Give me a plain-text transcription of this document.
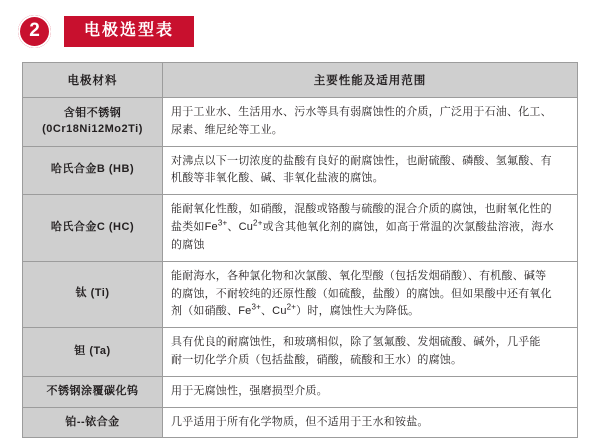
2	电极选型表
电极材料	主要性能及适用范围
含钼不锈钢 (0Cr18Ni12Mo2Ti)	用于工业水、生活用水、污水等具有弱腐蚀性的介质，广泛用于石油、化工、
尿素、维尼纶等工业。

哈氏合金B (HB)	对沸点以下一切浓度的盐酸有良好的耐腐蚀性，也耐硫酸、磷酸、氢氟酸、有
机酸等非氧化酸、碱、非氧化盐液的腐蚀。

哈氏合金C (HC)	能耐氧化性酸，如硝酸，混酸或铬酸与硫酸的混合介质的腐蚀，也耐氧化性的
盐类如$Fe^{3+}$、$Cu^{2+}$或含其他氧化剂的腐蚀，如高于常温的次氯酸盐溶液，海水
的腐蚀

钛 (Ti)	能耐海水，各种氯化物和次氯酸、氧化型酸（包括发烟硝酸）、有机酸、碱等
的腐蚀，不耐较纯的还原性酸（如硫酸，盐酸）的腐蚀。但如果酸中还有氧化
剂（如硝酸、$Fe^{3+}$、$Cu^{2+}$）时，腐蚀性大为降低。

钽 (Ta)	具有优良的耐腐蚀性，和玻璃相似，除了氢氟酸、发烟硫酸、碱外，几乎能
耐一切化学介质（包括盐酸，硝酸，硫酸和王水）的腐蚀。

不锈钢涂覆碳化钨	用于无腐蚀性，强磨损型介质。

铂--铱合金	几乎适用于所有化学物质，但不适用于王水和铵盐。
